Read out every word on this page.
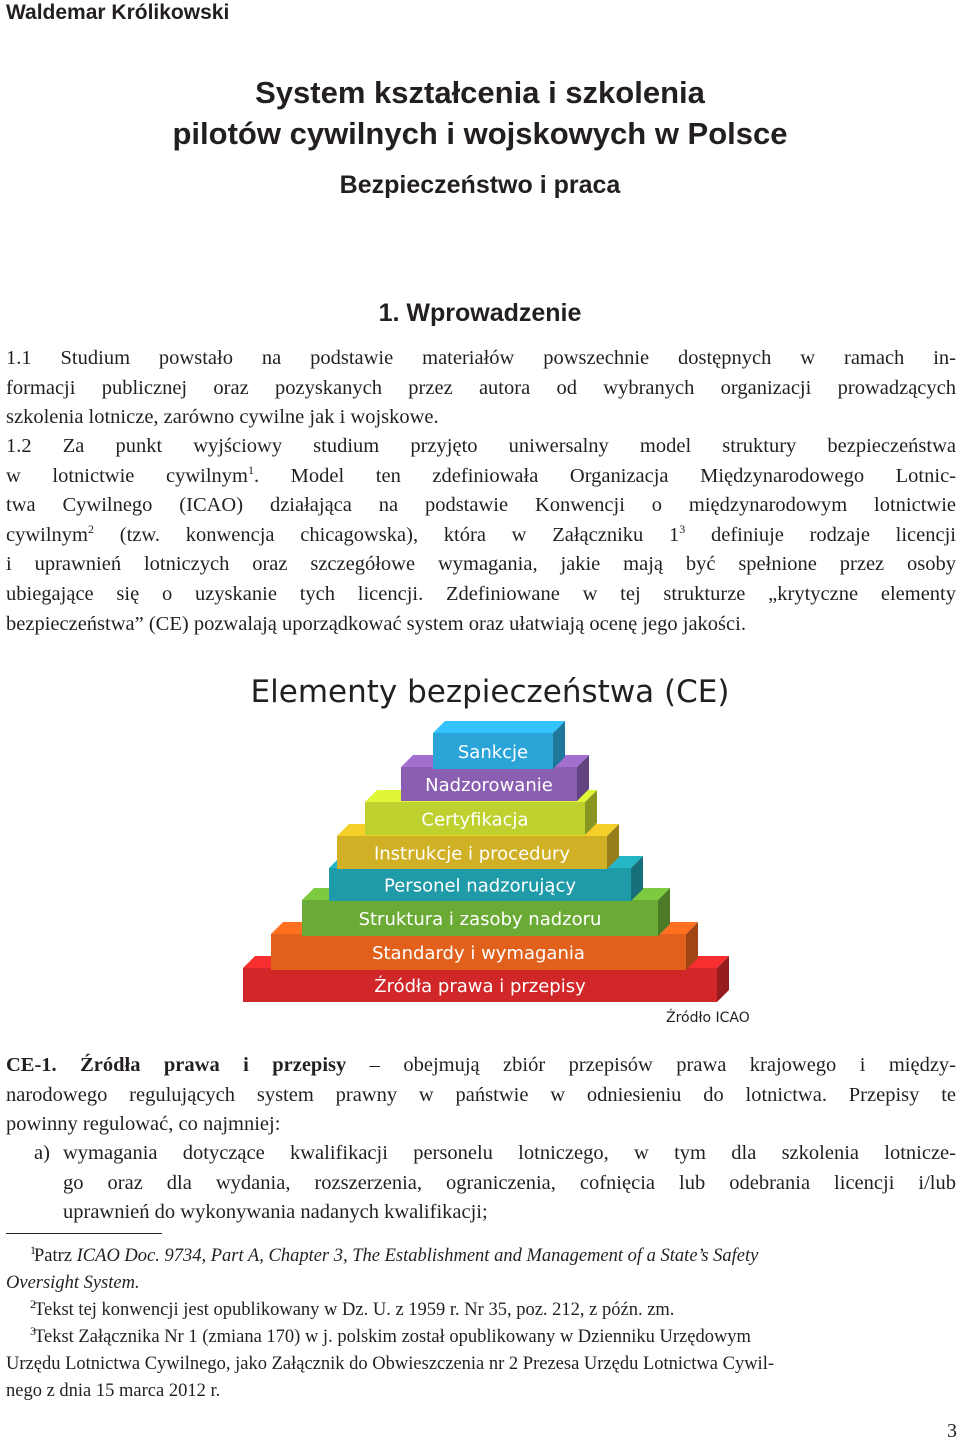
Waldemar Królikowski
System kształcenia i szkolenia
pilotów cywilnych i wojskowych w Polsce
Bezpieczeństwo i praca
1. Wprowadzenie
1.1 Studium powstało na podstawie materiałów powszechnie dostępnych w ramach in-
formacji publicznej oraz pozyskanych przez autora od wybranych organizacji prowadzących
szkolenia lotnicze, zarówno cywilne jak i wojskowe.
1.2 Za punkt wyjściowy studium przyjęto uniwersalny model struktury bezpieczeństwa
w lotnictwie cywilnym$^1$. Model ten zdefiniowała Organizacja Międzynarodowego Lotnic-
twa Cywilnego (ICAO) działająca na podstawie Konwencji o międzynarodowym lotnictwie
cywilnym$^2$ (tzw. konwencja chicagowska), która w Załączniku $1^3$ definiuje rodzaje licencji
i uprawnień lotniczych oraz szczegółowe wymagania, jakie mają być spełnione przez osoby
ubiegające się o uzyskanie tych licencji. Zdefiniowane w tej strukturze „krytyczne elementy
bezpieczeństwa” (CE) pozwalają uporządkować system oraz ułatwiają ocenę jego jakości.
Elementy bezpieczeństwa (CE)
Źródła prawa i przepisy
Standardy i wymagania
Struktura i zasoby nadzoru
Personel nadzorujący
Instrukcje i procedury
Certyfikacja
Nadzorowanie
Sankcje
Źródło ICAO
CE-1. Źródła prawa i przepisy – obejmują zbiór przepisów prawa krajowego i między-
narodowego regulujących system prawny w państwie w odniesieniu do lotnictwa. Przepisy te
powinny regulować, co najmniej:
a) wymagania dotyczące kwalifikacji personelu lotniczego, w tym dla szkolenia lotnicze-
go oraz dla wydania, rozszerzenia, ograniczenia, cofnięcia lub odebrania licencji i/lub
uprawnień do wykonywania nadanych kwalifikacji;
1Patrz ICAO Doc. 9734, Part A, Chapter 3, The Establishment and Management of a State’s Safety
Oversight System.
2Tekst tej konwencji jest opublikowany w Dz. U. z 1959 r. Nr 35, poz. 212, z późn. zm.
3Tekst Załącznika Nr 1 (zmiana 170) w j. polskim został opublikowany w Dzienniku Urzędowym
Urzędu Lotnictwa Cywilnego, jako Załącznik do Obwieszczenia nr 2 Prezesa Urzędu Lotnictwa Cywil-
nego z dnia 15 marca 2012 r.
3
